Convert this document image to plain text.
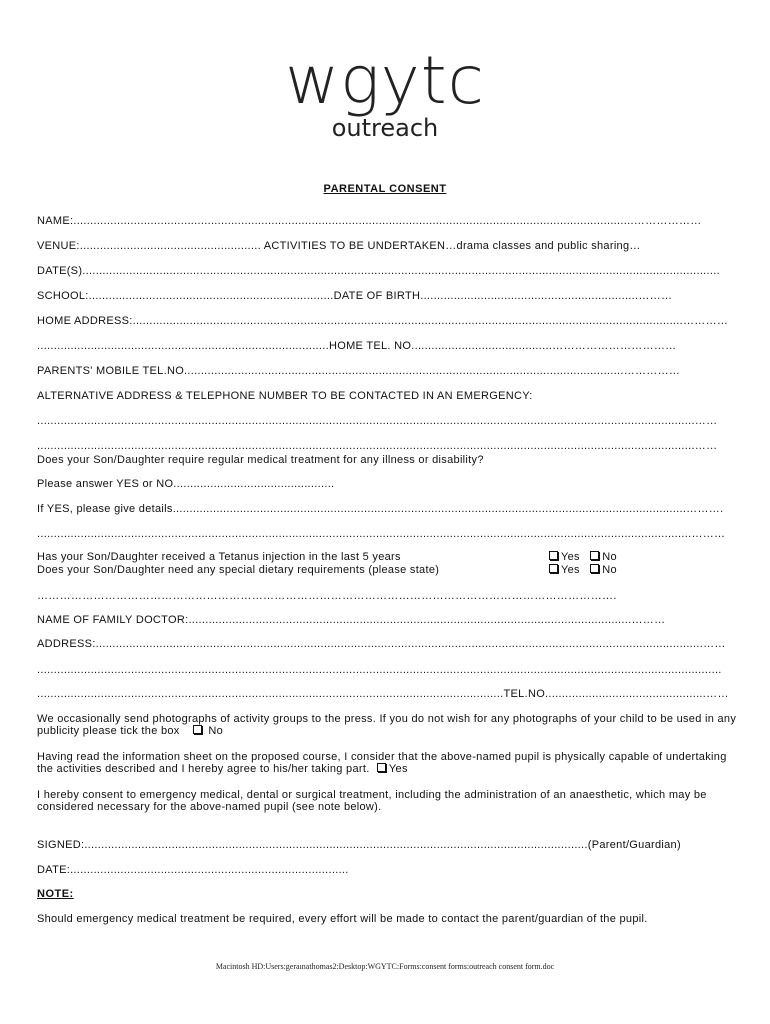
wgytc
outreach
PARENTAL CONSENT
NAME:.......................................................................................................................................................................………………
VENUE:...................................................... ACTIVITIES TO BE UNDERTAKEN…drama classes and public sharing…
DATE(S)..............................................................................................................................................................................................
SCHOOL:.........................................................................DATE OF BIRTH.................................................................………
HOME ADDRESS:....................................................................................................................................................................…………
.......................................................................................HOME TEL. NO..........................................……………………………
PARENTS' MOBILE TEL.NO...................................................................................................................................……………
ALTERNATIVE ADDRESS & TELEPHONE NUMBER TO BE CONTACTED IN AN EMERGENCY:
....................................................................................................................................................................................................……
....................................................................................................................................................................................................……
Does your Son/Daughter require regular medical treatment for any illness or disability?
Please answer YES or NO................................................
If YES, please give details.........................................................................................................................................................……….
...................................................................................................................................................................................................………
Has your Son/Daughter received a Tetanus injection in the last 5 years	Yes No
Does your Son/Daughter need any special dietary requirements (please state)	Yes No
……………………………………………………………………………………………………………………………………….
NAME OF FAMILY DOCTOR:....................................................................................................................................………
ADDRESS:.....................................................................................................................................................................................……
............................................................................................................................................................................................................
...........................................................................................................................................TEL.NO................................................……
We occasionally send photographs of activity groups to the press. If you do not wish for any photographs of your child to be used in any publicity please tick the box	No
Having read the information sheet on the proposed course, I consider that the above-named pupil is physically capable of undertaking the activities described and I hereby agree to his/her taking part. Yes
I hereby consent to emergency medical, dental or surgical treatment, including the administration of an anaesthetic, which may be considered necessary for the above-named pupil (see note below).
SIGNED:......................................................................................................................................................(Parent/Guardian)
DATE:...................................................................................
NOTE:
Should emergency medical treatment be required, every effort will be made to contact the parent/guardian of the pupil.
Macintosh HD:Users:geraınathomas2:Desktop:WGYTC:Forms:consent forms:outreach consent form.doc
